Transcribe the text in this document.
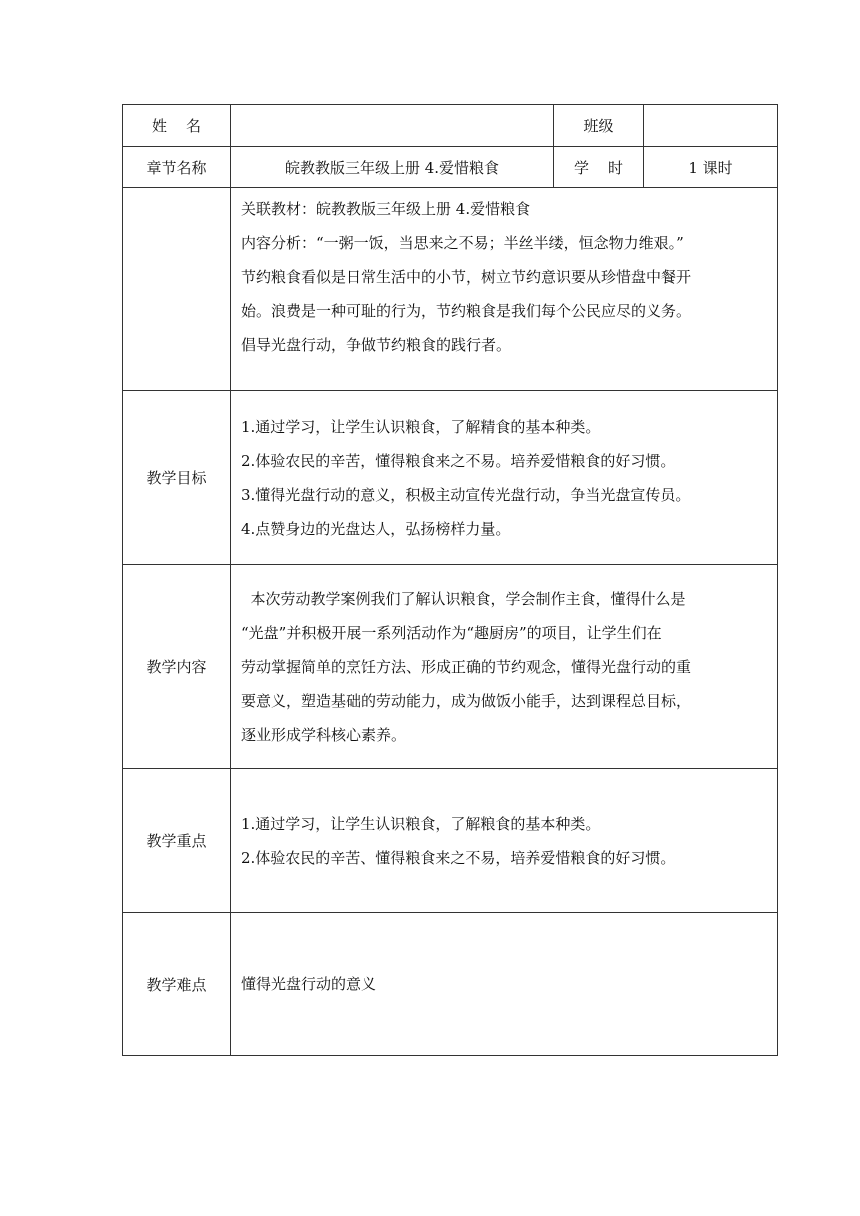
姓    名		班级	
章节名称	皖教教版三年级上册 4.爱惜粮食	学    时	1 课时

	关联教材：皖教教版三年级上册 4.爱惜粮食
内容分析：“一粥一饭，当思来之不易；半丝半缕，恒念物力维艰。”
节约粮食看似是日常生活中的小节，树立节约意识要从珍惜盘中餐开
始。浪费是一种可耻的行为，节约粮食是我们每个公民应尽的义务。
倡导光盘行动，争做节约粮食的践行者。		

教学目标	1.通过学习，让学生认识粮食，了解精食的基本种类。
2.体验农民的辛苦，懂得粮食来之不易。培养爱惜粮食的好习惯。
3.懂得光盘行动的意义，积极主动宣传光盘行动，争当光盘宣传员。
4.点赞身边的光盘达人，弘扬榜样力量。		

教学内容	本次劳动教学案例我们了解认识粮食，学会制作主食，懂得什么是
“光盘”并积极开展一系列活动作为“趣厨房”的项目，让学生们在
劳动掌握简单的烹饪方法、形成正确的节约观念，懂得光盘行动的重
要意义，塑造基础的劳动能力，成为做饭小能手，达到课程总目标，
逐业形成学科核心素养。		

教学重点	1.通过学习，让学生认识粮食，了解粮食的基本种类。
2.体验农民的辛苦、懂得粮食来之不易，培养爱惜粮食的好习惯。		

教学难点	懂得光盘行动的意义		
